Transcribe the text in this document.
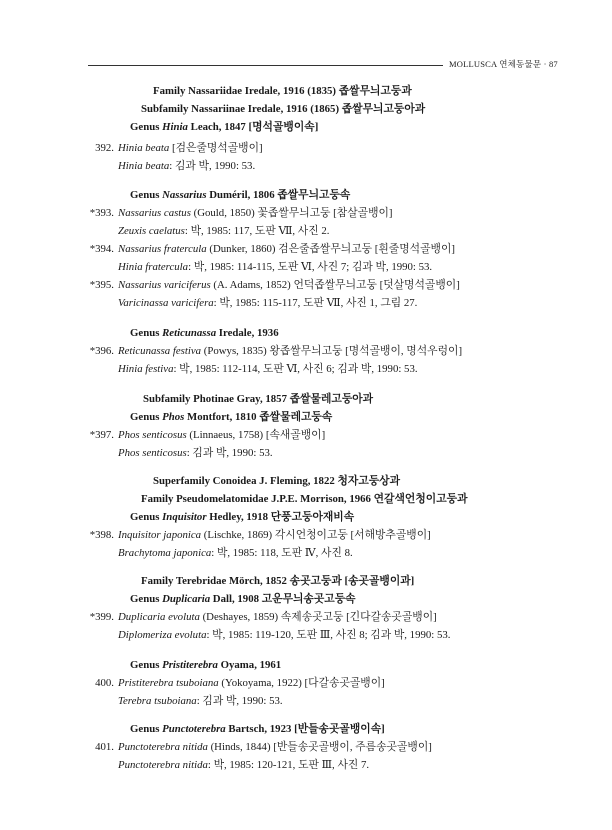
MOLLUSCA 연체동물문 · 87
Family Nassariidae Iredale, 1916 (1835) 좁쌀무늬고둥과
Subfamily Nassariinae Iredale, 1916 (1865) 좁쌀무늬고둥아과
Genus Hinia Leach, 1847 [명석골뱅이속]
392. Hinia beata [검은줄명석골뱅이]
Hinia beata: 김과 박, 1990: 53.
Genus Nassarius Duméril, 1806 좁쌀무늬고둥속
*393. Nassarius castus (Gould, 1850) 꽃좁쌀무늬고둥 [참살골뱅이]
Zeuxis caelatus: 박, 1985: 117, 도판 Ⅶ, 사진 2.
*394. Nassarius fratercula (Dunker, 1860) 검은줄좁쌀무늬고둥 [흰줄명석골뱅이]
Hinia fratercula: 박, 1985: 114-115, 도판 Ⅵ, 사진 7; 김과 박, 1990: 53.
*395. Nassarius variciferus (A. Adams, 1852) 언덕좁쌀무늬고둥 [덧살명석골뱅이]
Varicinassa varicifera: 박, 1985: 115-117, 도판 Ⅶ, 사진 1, 그림 27.
Genus Reticunassa Iredale, 1936
*396. Reticunassa festiva (Powys, 1835) 왕좁쌀무늬고둥 [명석골뱅이, 명석우렁이]
Hinia festiva: 박, 1985: 112-114, 도판 Ⅵ, 사진 6; 김과 박, 1990: 53.
Subfamily Photinae Gray, 1857 좁쌀물레고둥아과
Genus Phos Montfort, 1810 좁쌀물레고둥속
*397. Phos senticosus (Linnaeus, 1758) [속새골뱅이]
Phos senticosus: 김과 박, 1990: 53.
Superfamily Conoidea J. Fleming, 1822 청자고둥상과
Family Pseudomelatomidae J.P.E. Morrison, 1966 연갈색언청이고둥과
Genus Inquisitor Hedley, 1918 단풍고둥아재비속
*398. Inquisitor japonica (Lischke, 1869) 각시언청이고둥 [서해방추골뱅이]
Brachytoma japonica: 박, 1985: 118, 도판 Ⅳ, 사진 8.
Family Terebridae Mörch, 1852 송곳고둥과 [송곳골뱅이과]
Genus Duplicaria Dall, 1908 고운무늬송곳고둥속
*399. Duplicaria evoluta (Deshayes, 1859) 속제송곳고둥 [긴다갈송곳골뱅이]
Diplomeriza evoluta: 박, 1985: 119-120, 도판 Ⅲ, 사진 8; 김과 박, 1990: 53.
Genus Pristiterebra Oyama, 1961
400. Pristiterebra tsuboiana (Yokoyama, 1922) [다갈송곳골뱅이]
Terebra tsuboiana: 김과 박, 1990: 53.
Genus Punctoterebra Bartsch, 1923 [반들송곳골뱅이속]
401. Punctoterebra nitida (Hinds, 1844) [반들송곳골뱅이, 주름송곳골뱅이]
Punctoterebra nitida: 박, 1985: 120-121, 도판 Ⅲ, 사진 7.
